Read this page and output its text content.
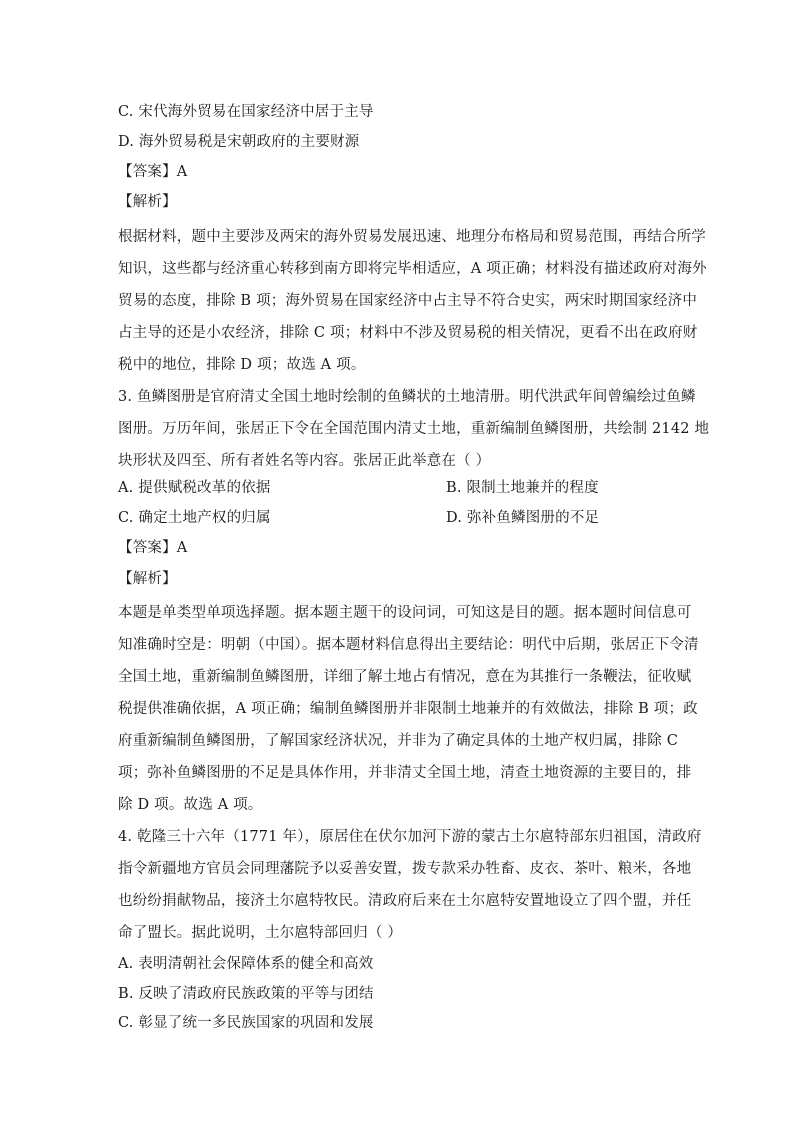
C. 宋代海外贸易在国家经济中居于主导
D. 海外贸易税是宋朝政府的主要财源
【答案】A
【解析】
根据材料，题中主要涉及两宋的海外贸易发展迅速、地理分布格局和贸易范围，再结合所学
知识，这些都与经济重心转移到南方即将完毕相适应，A 项正确；材料没有描述政府对海外
贸易的态度，排除 B 项；海外贸易在国家经济中占主导不符合史实，两宋时期国家经济中
占主导的还是小农经济，排除 C 项；材料中不涉及贸易税的相关情况，更看不出在政府财
税中的地位，排除 D 项；故选 A 项。
3. 鱼鳞图册是官府清丈全国土地时绘制的鱼鳞状的土地清册。明代洪武年间曾编绘过鱼鳞
图册。万历年间，张居正下令在全国范围内清丈土地，重新编制鱼鳞图册，共绘制 2142 地
块形状及四至、所有者姓名等内容。张居正此举意在（ ）
A. 提供赋税改革的依据	B. 限制土地兼并的程度
C. 确定土地产权的归属	D. 弥补鱼鳞图册的不足
【答案】A
【解析】
本题是单类型单项选择题。据本题主题干的设问词，可知这是目的题。据本题时间信息可
知准确时空是：明朝（中国）。据本题材料信息得出主要结论：明代中后期，张居正下令清
全国土地，重新编制鱼鳞图册，详细了解土地占有情况，意在为其推行一条鞭法，征收赋
税提供准确依据，A 项正确；编制鱼鳞图册并非限制土地兼并的有效做法，排除 B 项；政
府重新编制鱼鳞图册，了解国家经济状况，并非为了确定具体的土地产权归属，排除 C
项；弥补鱼鳞图册的不足是具体作用，并非清丈全国土地，清查土地资源的主要目的，排
除 D 项。故选 A 项。
4. 乾隆三十六年（1771 年），原居住在伏尔加河下游的蒙古土尔扈特部东归祖国，清政府
指令新疆地方官员会同理藩院予以妥善安置，拨专款采办牲畜、皮衣、茶叶、粮米，各地
也纷纷捐献物品，接济土尔扈特牧民。清政府后来在土尔扈特安置地设立了四个盟，并任
命了盟长。据此说明，土尔扈特部回归（ ）
A. 表明清朝社会保障体系的健全和高效
B. 反映了清政府民族政策的平等与团结
C. 彰显了统一多民族国家的巩固和发展
